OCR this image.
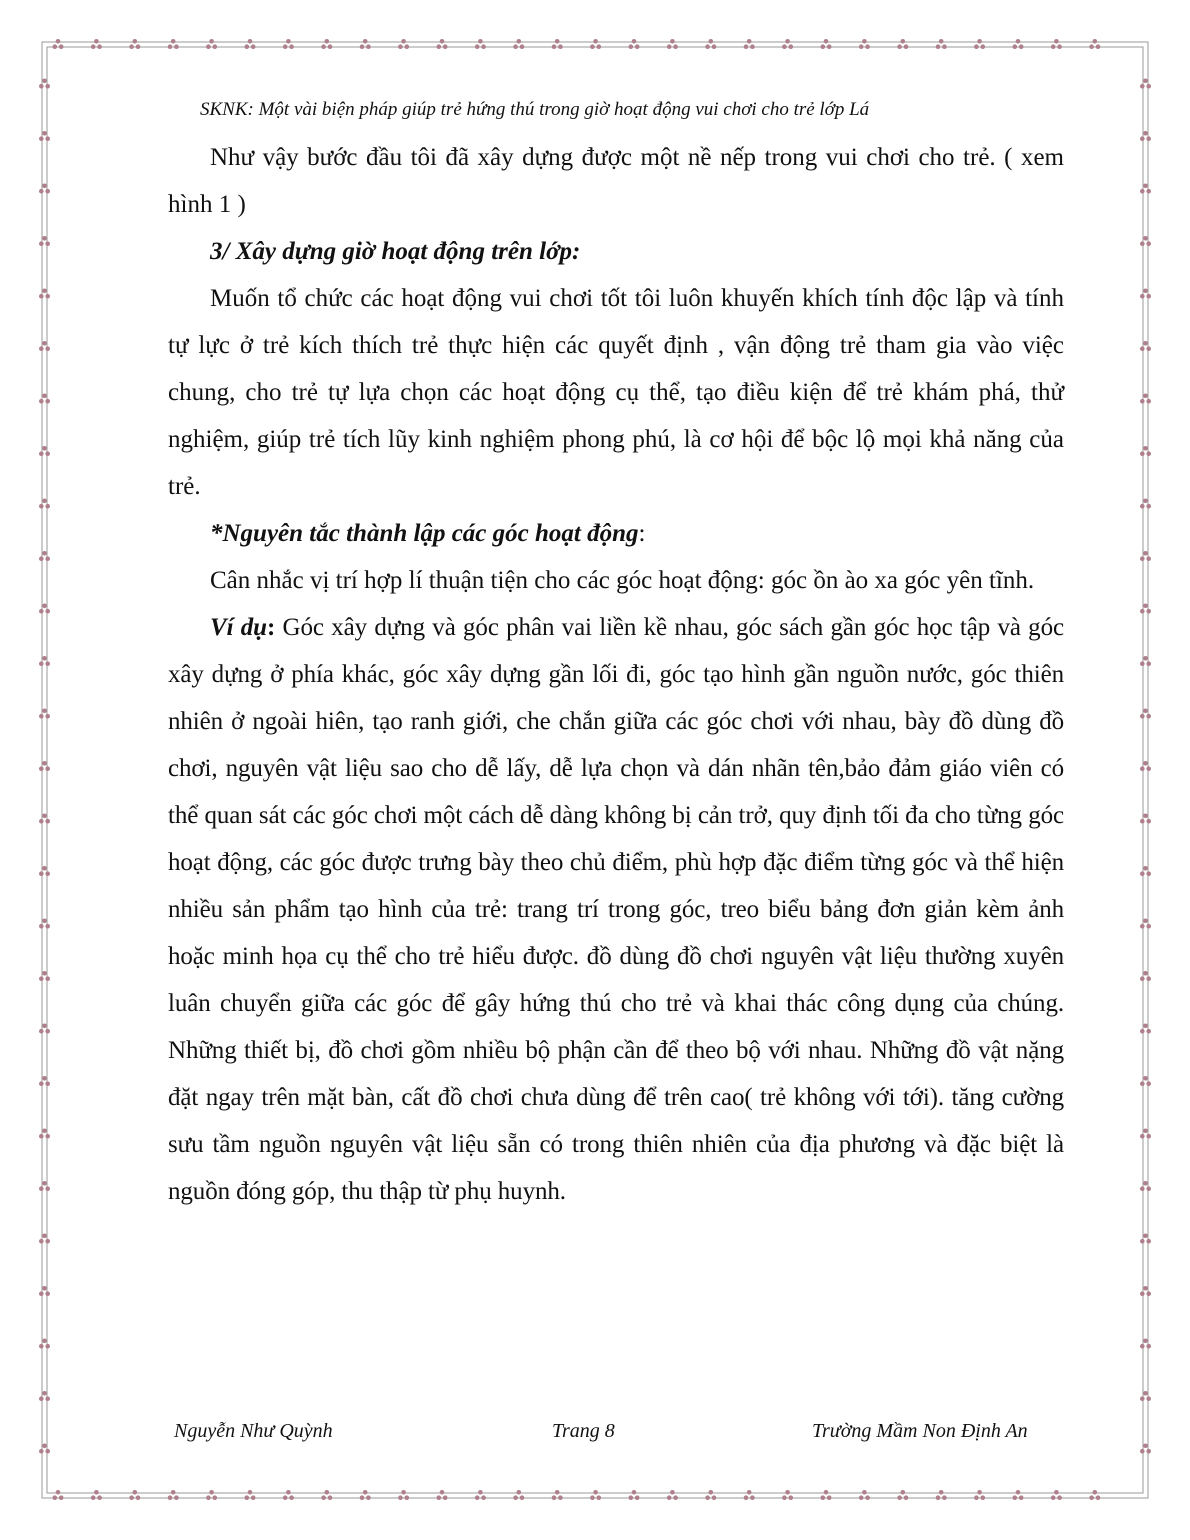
SKNK: Một vài biện pháp giúp trẻ hứng thú trong giờ hoạt động vui chơi cho trẻ lớp Lá

Như vậy bước đầu tôi đã xây dựng được một nề nếp trong vui chơi cho trẻ. ( xem hình 1 )

3/ Xây dựng giờ hoạt động trên lớp:

Muốn tổ chức các hoạt động vui chơi tốt tôi luôn khuyến khích tính độc lập và tính tự lực ở trẻ kích thích trẻ thực hiện các quyết định , vận động trẻ tham gia vào việc chung, cho trẻ tự lựa chọn các hoạt động cụ thể, tạo điều kiện để trẻ khám phá, thử nghiệm, giúp trẻ tích lũy kinh nghiệm phong phú, là cơ hội để bộc lộ mọi khả năng của trẻ.

*Nguyên tắc thành lập các góc hoạt động:

Cân nhắc vị trí hợp lí thuận tiện cho các góc hoạt động: góc ồn ào xa góc yên tĩnh.

Ví dụ: Góc xây dựng và góc phân vai liền kề nhau, góc sách gần góc học tập và góc xây dựng ở phía khác, góc xây dựng gần lối đi, góc tạo hình gần nguồn nước, góc thiên nhiên ở ngoài hiên, tạo ranh giới, che chắn giữa các góc chơi với nhau, bày đồ dùng đồ chơi, nguyên vật liệu sao cho dễ lấy, dễ lựa chọn và dán nhãn tên,bảo đảm giáo viên có thể quan sát các góc chơi một cách dễ dàng không bị cản trở, quy định tối đa cho từng góc hoạt động, các góc được trưng bày theo chủ điểm, phù hợp đặc điểm từng góc và thể hiện nhiều sản phẩm tạo hình của trẻ: trang trí trong góc, treo biểu bảng đơn giản kèm ảnh hoặc minh họa cụ thể cho trẻ hiểu được. đồ dùng đồ chơi nguyên vật liệu thường xuyên luân chuyển giữa các góc để gây hứng thú cho trẻ và khai thác công dụng của chúng. Những thiết bị, đồ chơi gồm nhiều bộ phận cần để theo bộ với nhau. Những đồ vật nặng đặt ngay trên mặt bàn, cất đồ chơi chưa dùng để trên cao( trẻ không với tới). tăng cường sưu tầm nguồn nguyên vật liệu sẵn có trong thiên nhiên của địa phương và đặc biệt là nguồn đóng góp, thu thập từ phụ huynh.

Nguyễn Như Quỳnh	Trang 8	Trường Mầm Non Định An
